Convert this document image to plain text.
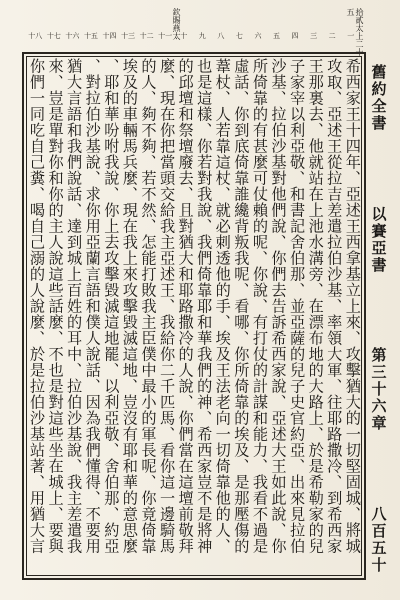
拾貳太上二十五
欽賜燕太	一
二
三
四
五
六
七
八
九
十
十一
十二
十三
十四
十五
十六
十七
十八
舊約全書
以賽亞書
第三十六章
八百五十
希西家王十四年、亞述王西拿基立上來、攻擊猶大的一切堅固城、將城
攻取、亞述王從拉吉差遣拉伯沙基、率領大軍、往耶路撒冷、到希西家
王那裏去、他就站在上池水溝旁、在漂布地的大路上、於是希勒家的兒
子家宰以利亞敬、和書記舍伯那、並亞薩的兒子史官約亞、出來見拉伯
沙基、拉伯沙基對他們說、你們去告訴希西家說、亞述大王如此說、你
所倚靠的有甚麼可仗賴的呢、你說、有打仗的計謀和能力、我看不過是
虛話、你到底倚靠誰纔背叛我呢、看哪、你所倚靠的埃及、是那壓傷的
葦杖、人若靠這杖、就必刺透他的手、埃及王法老向一切倚靠他的人、
也是這樣、你若對我說、我們倚靠耶和華我們的神、希西家豈不是將神
的邱壇和祭壇廢去、且對猶大和耶路撒冷的人說、你們當在這壇前敬拜
麼、現在你把當頭交給我主亞述王、我給你二千匹馬、看你這一邊騎馬
的人、夠不夠、若不然、怎能打敗我主臣僕中最小的軍長呢、你竟倚靠
埃及的車輛馬兵麼、現在我上來攻擊毀滅這地、豈沒有耶和華的意思麼
、耶和華吩咐我說、你上去攻擊毀滅這地罷、以利亞敬、舍伯那、約亞
、對拉伯沙基說、求你用亞蘭言語和僕人說話、因為我們懂得、不要用
猶大言語和我們說話、達到城上百姓的耳中、拉伯沙基說、我主差遣我
來、豈是單對你和你的主人說這些話麼、不也是對這些坐在城上、要與
你們一同吃自己糞、喝自己溺的人說麼、於是拉伯沙基站著、用猶大言
